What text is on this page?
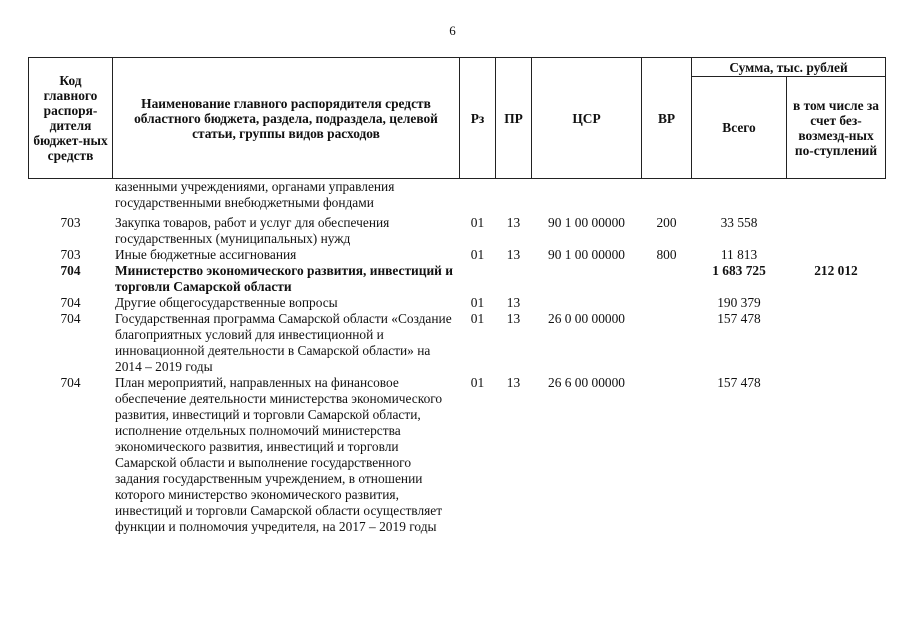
6
Код главного распоря-дителя бюджет-ных средств	Наименование главного распорядителя средств областного бюджета, раздела, подраздела, целевой статьи, группы видов расходов	Рз	ПР	ЦСР	ВР	Сумма, тыс. рублей	
						Всего	в том числе за счет без-возмезд-ных по-ступлений
	казенными учреждениями, органами управления государственными внебюджетными фондами						
703	Закупка товаров, работ и услуг для обеспечения государственных (муниципальных) нужд	01	13	90 1 00 00000	200	33 558	
703	Иные бюджетные ассигнования	01	13	90 1 00 00000	800	11 813	
704	Министерство экономического развития, инвестиций и торговли Самарской области					1 683 725	212 012
704	Другие общегосударственные вопросы	01	13			190 379	
704	Государственная программа Самарской области «Создание благоприятных условий для инвестиционной и инновационной деятельности в Самарской области» на 2014 – 2019 годы	01	13	26 0 00 00000		157 478	
704	План мероприятий, направленных на финансовое обеспечение деятельности министерства экономического развития, инвестиций и торговли Самарской области, исполнение отдельных полномочий министерства экономического развития, инвестиций и торговли Самарской области и выполнение государственного задания государственным учреждением, в отношении которого министерство экономического развития, инвестиций и торговли Самарской области осуществляет функции и полномочия учредителя, на 2017 – 2019 годы	01	13	26 6 00 00000		157 478	
